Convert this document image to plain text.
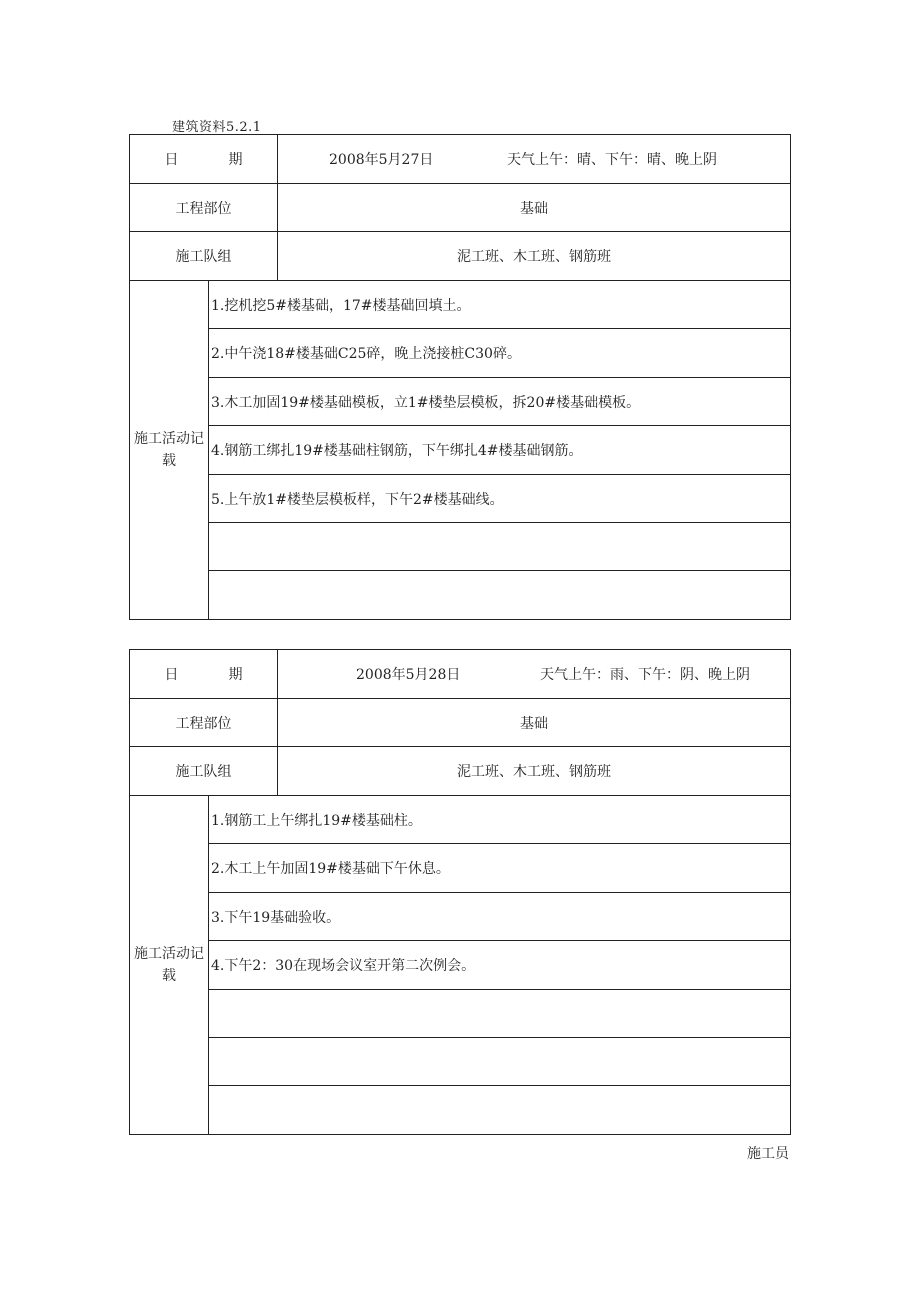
建筑资料5.2.1
日 期		2008年5月27日 天气上午：晴、下午：晴、晚上阴

工程部位		基础
施工队组		泥工班、木工班、钢筋班
施工活动记载	1.挖机挖5#楼基础，17#楼基础回填土。	
	2.中午浇18#楼基础C25碎，晚上浇接桩C30碎。	
	3.木工加固19#楼基础模板，立1#楼垫层模板，拆20#楼基础模板。	
	4.钢筋工绑扎19#楼基础柱钢筋，下午绑扎4#楼基础钢筋。	
	5.上午放1#楼垫层模板样，下午2#楼基础线。	

日 期		2008年5月28日 天气上午：雨、下午：阴、晚上阴

工程部位		基础
施工队组		泥工班、木工班、钢筋班
施工活动记载	1.钢筋工上午绑扎19#楼基础柱。	
	2.木工上午加固19#楼基础下午休息。	
	3.下午19基础验收。	
	4.下午2：30在现场会议室开第二次例会。	

施工员
